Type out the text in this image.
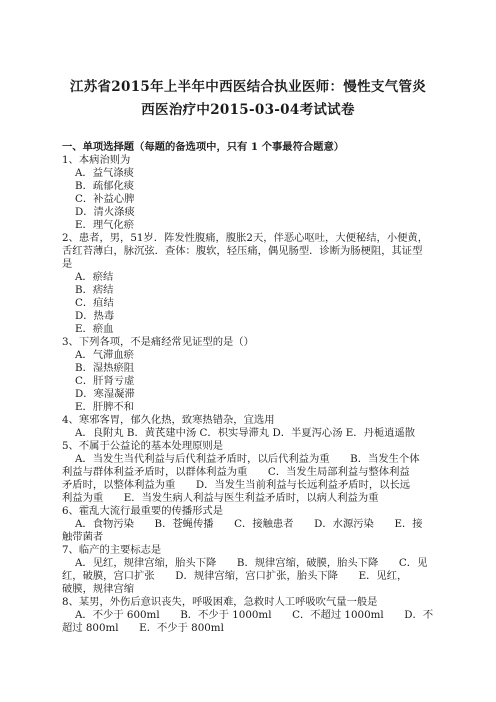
江苏省2015年上半年中西医结合执业医师：慢性支气管炎
西医治疗中2015-03-04考试试卷
一、单项选择题（每题的备选项中，只有 1 个事最符合题意）
1、本病治则为
A．益气涤痰
B．疏郁化痰
C．补益心脾
D．清火涤痰
E．理气化瘀
2、患者，男，51岁．阵发性腹痛，腹胀2天，伴恶心呕吐，大便秘结，小便黄，
舌红苔薄白，脉沉弦．查体：腹软，轻压痛，偶见肠型．诊断为肠梗阻，其证型
是
A．瘀结
B．痞结
C．疽结
D．热毒
E．瘀血
3、下列各项，不是痛经常见证型的是（）
A．气滞血瘀
B．湿热瘀阻
C．肝肾亏虚
D．寒湿凝滞
E．肝脾不和
4、寒邪客胃，郁久化热，致寒热错杂，宜选用
A．良附丸 B．黄芪建中汤 C．枳实导滞丸 D．半夏泻心汤 E．丹栀逍遥散
5、不属于公益论的基本处理原则是
A．当发生当代利益与后代利益矛盾时，以后代利益为重　　B．当发生个体
利益与群体利益矛盾时，以群体利益为重　　C．当发生局部利益与整体利益
矛盾时，以整体利益为重　　D．当发生当前利益与长远利益矛盾时，以长远
利益为重　　E．当发生病人利益与医生利益矛盾时，以病人利益为重
6、霍乱大流行最重要的传播形式是
A．食物污染　　B．苍蝇传播　　C．接触患者　　D．水源污染　　E．接
触带菌者
7、临产的主要标志是
A．见红，规律宫缩，胎头下降　　B．规律宫缩，破膜，胎头下降　　C．见
红，破膜，宫口扩张　　D．规律宫缩，宫口扩张，胎头下降　　E．见红，
破膜，规律宫缩
8、某男，外伤后意识丧失，呼吸困难，急救时人工呼吸吹气量一般是
A．不少于 600ml　　B．不少于 1000ml　　C．不超过 1000ml　　D．不
超过 800ml　　E．不少于 800ml
